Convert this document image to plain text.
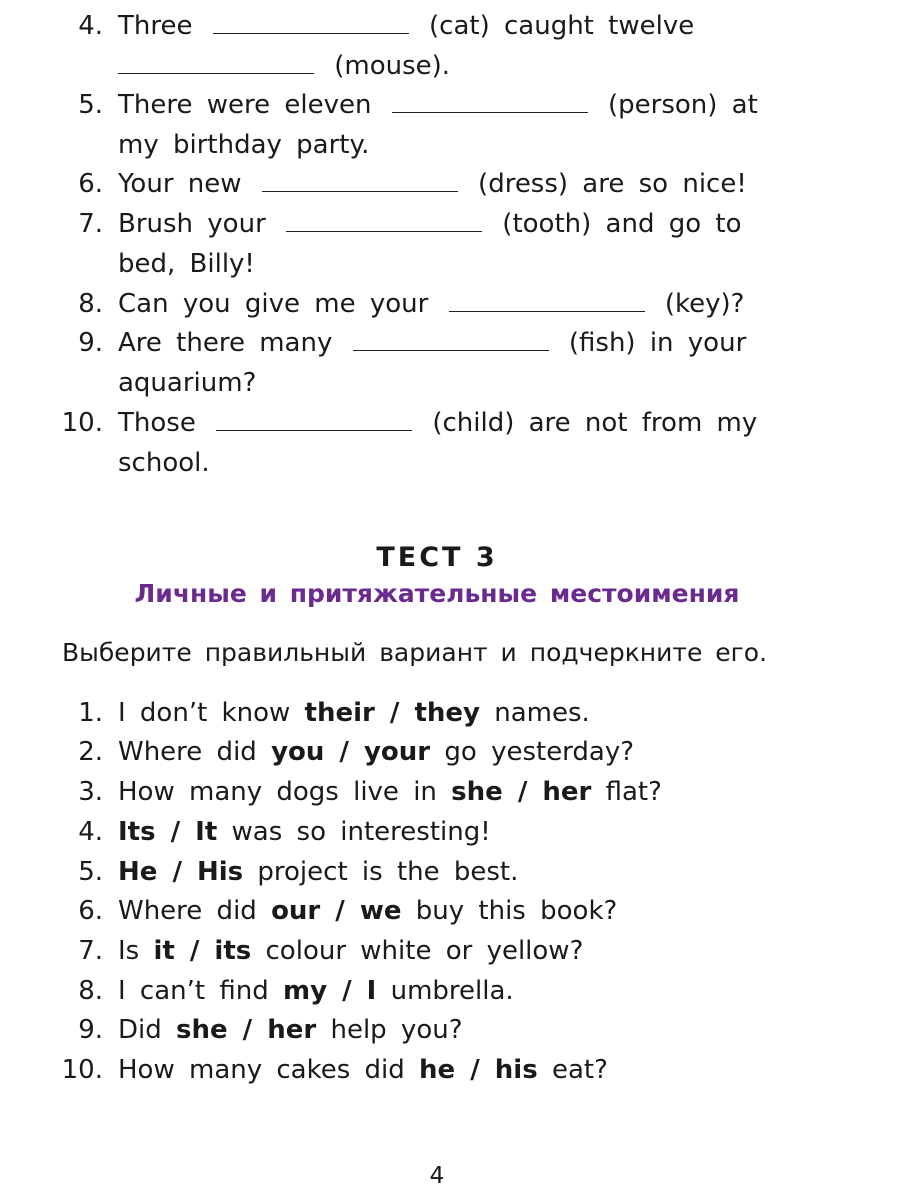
4. Three	(cat) caught twelve
(mouse).
5. There were eleven	(person) at
my birthday party.
6. Your new	(dress) are so nice!
7. Brush your	(tooth) and go to
bed, Billy!
8. Can you give me your	(key)?
9. Are there many	(fish) in your
aquarium?
10. Those	(child) are not from my
school.
ТЕСТ 3
Личные и притяжательные местоимения
Выберите правильный вариант и подчеркните его.
1. I don’t know their / they names.
2. Where did you / your go yesterday?
3. How many dogs live in she / her flat?
4. Its / It was so interesting!
5. He / His project is the best.
6. Where did our / we buy this book?
7. Is it / its colour white or yellow?
8. I can’t find my / I umbrella.
9. Did she / her help you?
10. How many cakes did he / his eat?
4
